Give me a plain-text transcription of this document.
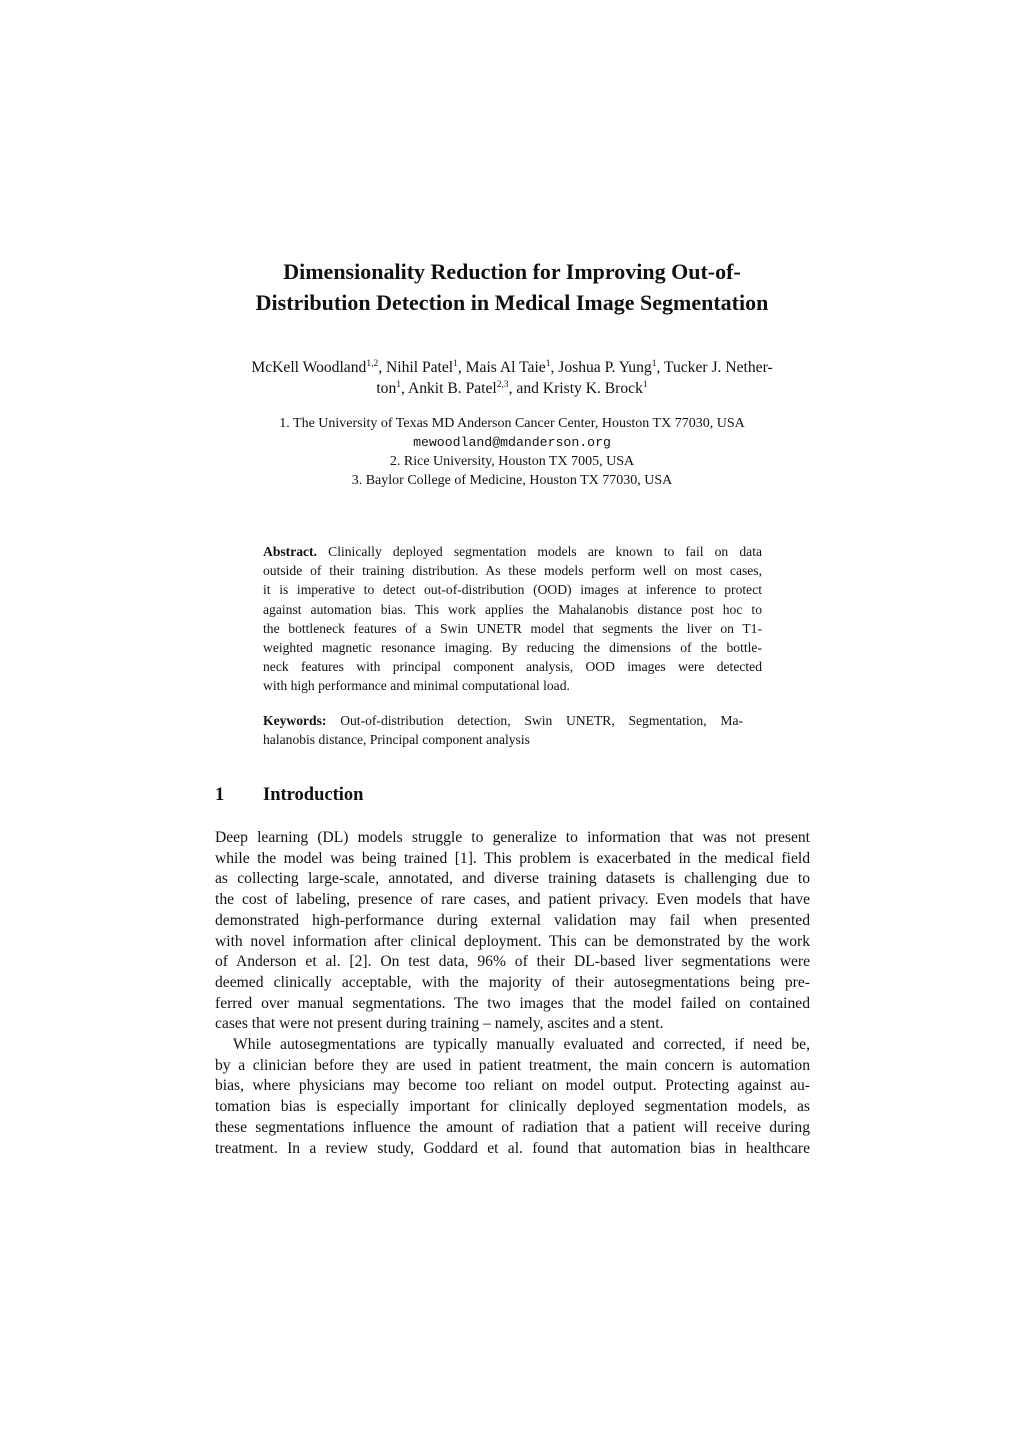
Dimensionality Reduction for Improving Out-of-
Distribution Detection in Medical Image Segmentation
McKell Woodland$^{1,2}$, Nihil Patel$^1$, Mais Al Taie$^1$, Joshua P. Yung$^1$, Tucker J. Nether-
ton$^1$, Ankit B. Patel$^{2,3}$, and Kristy K. Brock$^1$
1. The University of Texas MD Anderson Cancer Center, Houston TX 77030, USA
mewoodland@mdanderson.org
2. Rice University, Houston TX 7005, USA
3. Baylor College of Medicine, Houston TX 77030, USA
Abstract. Clinically deployed segmentation models are known to fail on data
outside of their training distribution. As these models perform well on most cases,
it is imperative to detect out-of-distribution (OOD) images at inference to protect
against automation bias. This work applies the Mahalanobis distance post hoc to
the bottleneck features of a Swin UNETR model that segments the liver on T1-
weighted magnetic resonance imaging. By reducing the dimensions of the bottle-
neck features with principal component analysis, OOD images were detected
with high performance and minimal computational load.
Keywords: Out-of-distribution detection, Swin UNETR, Segmentation, Ma-
halanobis distance, Principal component analysis
1 Introduction
Deep learning (DL) models struggle to generalize to information that was not present
while the model was being trained [1]. This problem is exacerbated in the medical field
as collecting large-scale, annotated, and diverse training datasets is challenging due to
the cost of labeling, presence of rare cases, and patient privacy. Even models that have
demonstrated high-performance during external validation may fail when presented
with novel information after clinical deployment. This can be demonstrated by the work
of Anderson et al. [2]. On test data, 96% of their DL-based liver segmentations were
deemed clinically acceptable, with the majority of their autosegmentations being pre-
ferred over manual segmentations. The two images that the model failed on contained
cases that were not present during training – namely, ascites and a stent.
While autosegmentations are typically manually evaluated and corrected, if need be,
by a clinician before they are used in patient treatment, the main concern is automation
bias, where physicians may become too reliant on model output. Protecting against au-
tomation bias is especially important for clinically deployed segmentation models, as
these segmentations influence the amount of radiation that a patient will receive during
treatment. In a review study, Goddard et al. found that automation bias in healthcare
